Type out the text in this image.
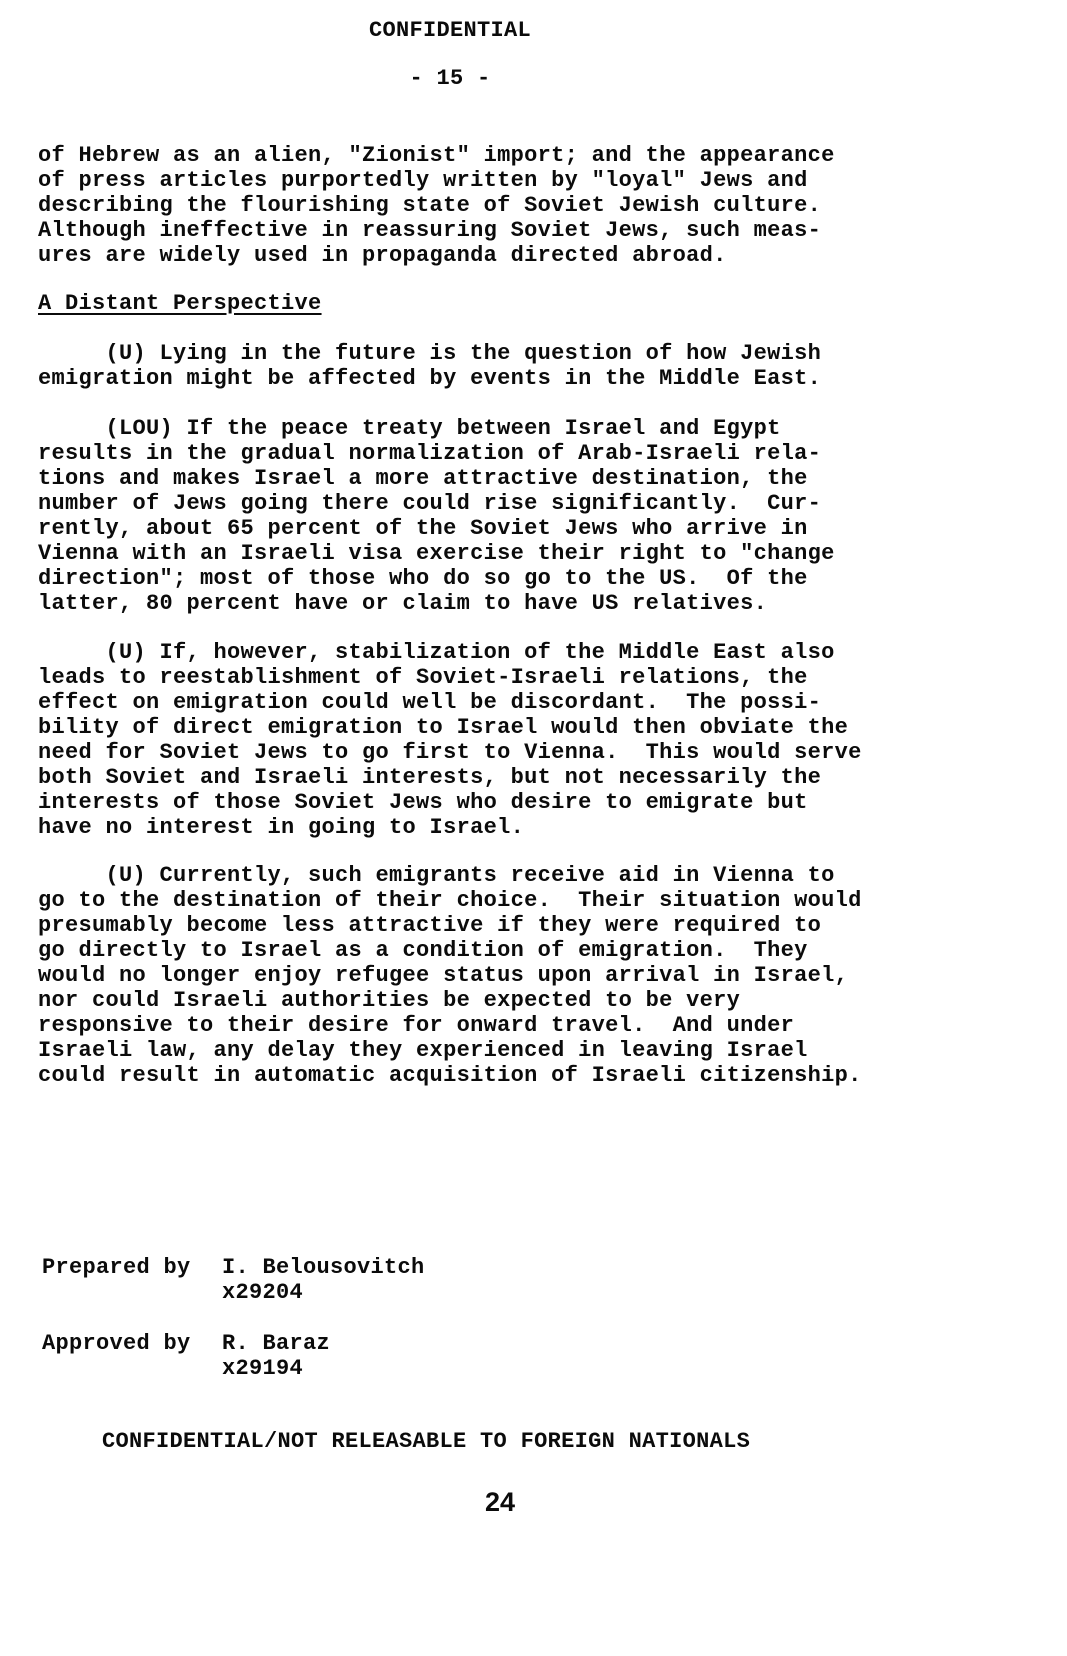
CONFIDENTIAL
- 15 -
of Hebrew as an alien, "Zionist" import; and the appearance
of press articles purportedly written by "loyal" Jews and
describing the flourishing state of Soviet Jewish culture.
Although ineffective in reassuring Soviet Jews, such meas-
ures are widely used in propaganda directed abroad.
A Distant Perspective
(U) Lying in the future is the question of how Jewish
emigration might be affected by events in the Middle East.
(LOU) If the peace treaty between Israel and Egypt
results in the gradual normalization of Arab-Israeli rela-
tions and makes Israel a more attractive destination, the
number of Jews going there could rise significantly.  Cur-
rently, about 65 percent of the Soviet Jews who arrive in
Vienna with an Israeli visa exercise their right to "change
direction"; most of those who do so go to the US.  Of the
latter, 80 percent have or claim to have US relatives.
(U) If, however, stabilization of the Middle East also
leads to reestablishment of Soviet-Israeli relations, the
effect on emigration could well be discordant.  The possi-
bility of direct emigration to Israel would then obviate the
need for Soviet Jews to go first to Vienna.  This would serve
both Soviet and Israeli interests, but not necessarily the
interests of those Soviet Jews who desire to emigrate but
have no interest in going to Israel.
(U) Currently, such emigrants receive aid in Vienna to
go to the destination of their choice.  Their situation would
presumably become less attractive if they were required to
go directly to Israel as a condition of emigration.  They
would no longer enjoy refugee status upon arrival in Israel,
nor could Israeli authorities be expected to be very
responsive to their desire for onward travel.  And under
Israeli law, any delay they experienced in leaving Israel
could result in automatic acquisition of Israeli citizenship.
Prepared by I. Belousovitch
x29204
Approved by R. Baraz
x29194
CONFIDENTIAL/NOT RELEASABLE TO FOREIGN NATIONALS
24
